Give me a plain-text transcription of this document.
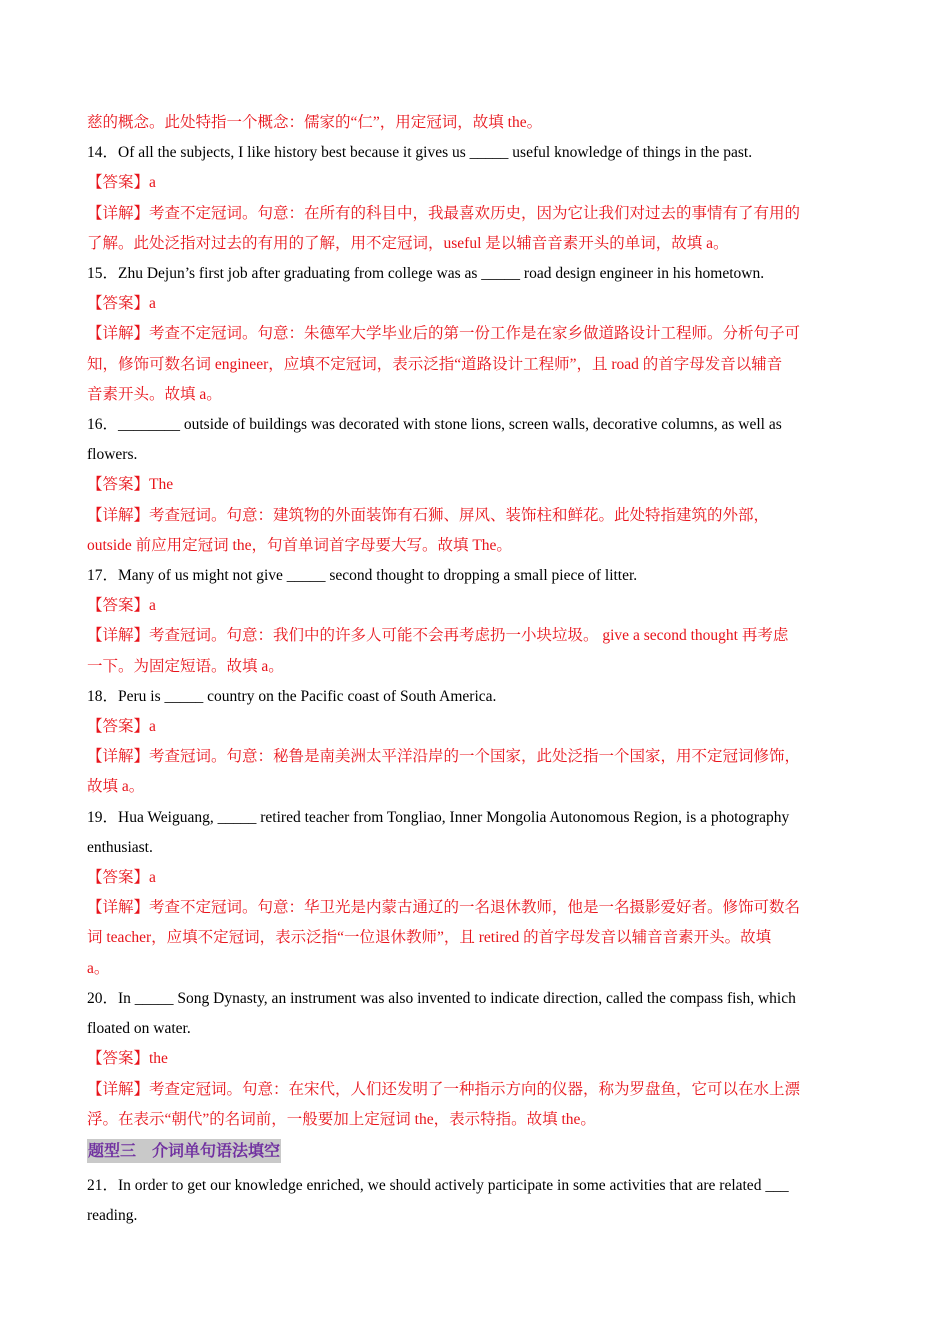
慈的概念。此处特指一个概念：儒家的“仁”，用定冠词，故填 the。
14．Of all the subjects, I like history best because it gives us _____ useful knowledge of things in the past.
【答案】a
【详解】考查不定冠词。句意：在所有的科目中，我最喜欢历史，因为它让我们对过去的事情有了有用的
了解。此处泛指对过去的有用的了解，用不定冠词，useful 是以辅音音素开头的单词，故填 a。
15．Zhu Dejun’s first job after graduating from college was as _____ road design engineer in his hometown.
【答案】a
【详解】考查不定冠词。句意：朱德军大学毕业后的第一份工作是在家乡做道路设计工程师。分析句子可
知，修饰可数名词 engineer，应填不定冠词，表示泛指“道路设计工程师”，且 road 的首字母发音以辅音
音素开头。故填 a。
16．________ outside of buildings was decorated with stone lions, screen walls, decorative columns, as well as
flowers.
【答案】The
【详解】考查冠词。句意：建筑物的外面装饰有石狮、屏风、装饰柱和鲜花。此处特指建筑的外部，
outside 前应用定冠词 the，句首单词首字母要大写。故填 The。
17．Many of us might not give _____ second thought to dropping a small piece of litter.
【答案】a
【详解】考查冠词。句意：我们中的许多人可能不会再考虑扔一小块垃圾。 give a second thought 再考虑
一下。为固定短语。故填 a。
18．Peru is _____ country on the Pacific coast of South America.
【答案】a
【详解】考查冠词。句意：秘鲁是南美洲太平洋沿岸的一个国家，此处泛指一个国家，用不定冠词修饰，
故填 a。
19．Hua Weiguang, _____ retired teacher from Tongliao, Inner Mongolia Autonomous Region, is a photography
enthusiast.
【答案】a
【详解】考查不定冠词。句意：华卫光是内蒙古通辽的一名退休教师，他是一名摄影爱好者。修饰可数名
词 teacher，应填不定冠词，表示泛指“一位退休教师”，且 retired 的首字母发音以辅音音素开头。故填
a。
20．In _____ Song Dynasty, an instrument was also invented to indicate direction, called the compass fish, which
floated on water.
【答案】the
【详解】考查定冠词。句意：在宋代，人们还发明了一种指示方向的仪器，称为罗盘鱼，它可以在水上漂
浮。在表示“朝代”的名词前，一般要加上定冠词 the，表示特指。故填 the。
题型三　介词单句语法填空
21．In order to get our knowledge enriched, we should actively participate in some activities that are related ___
reading.
